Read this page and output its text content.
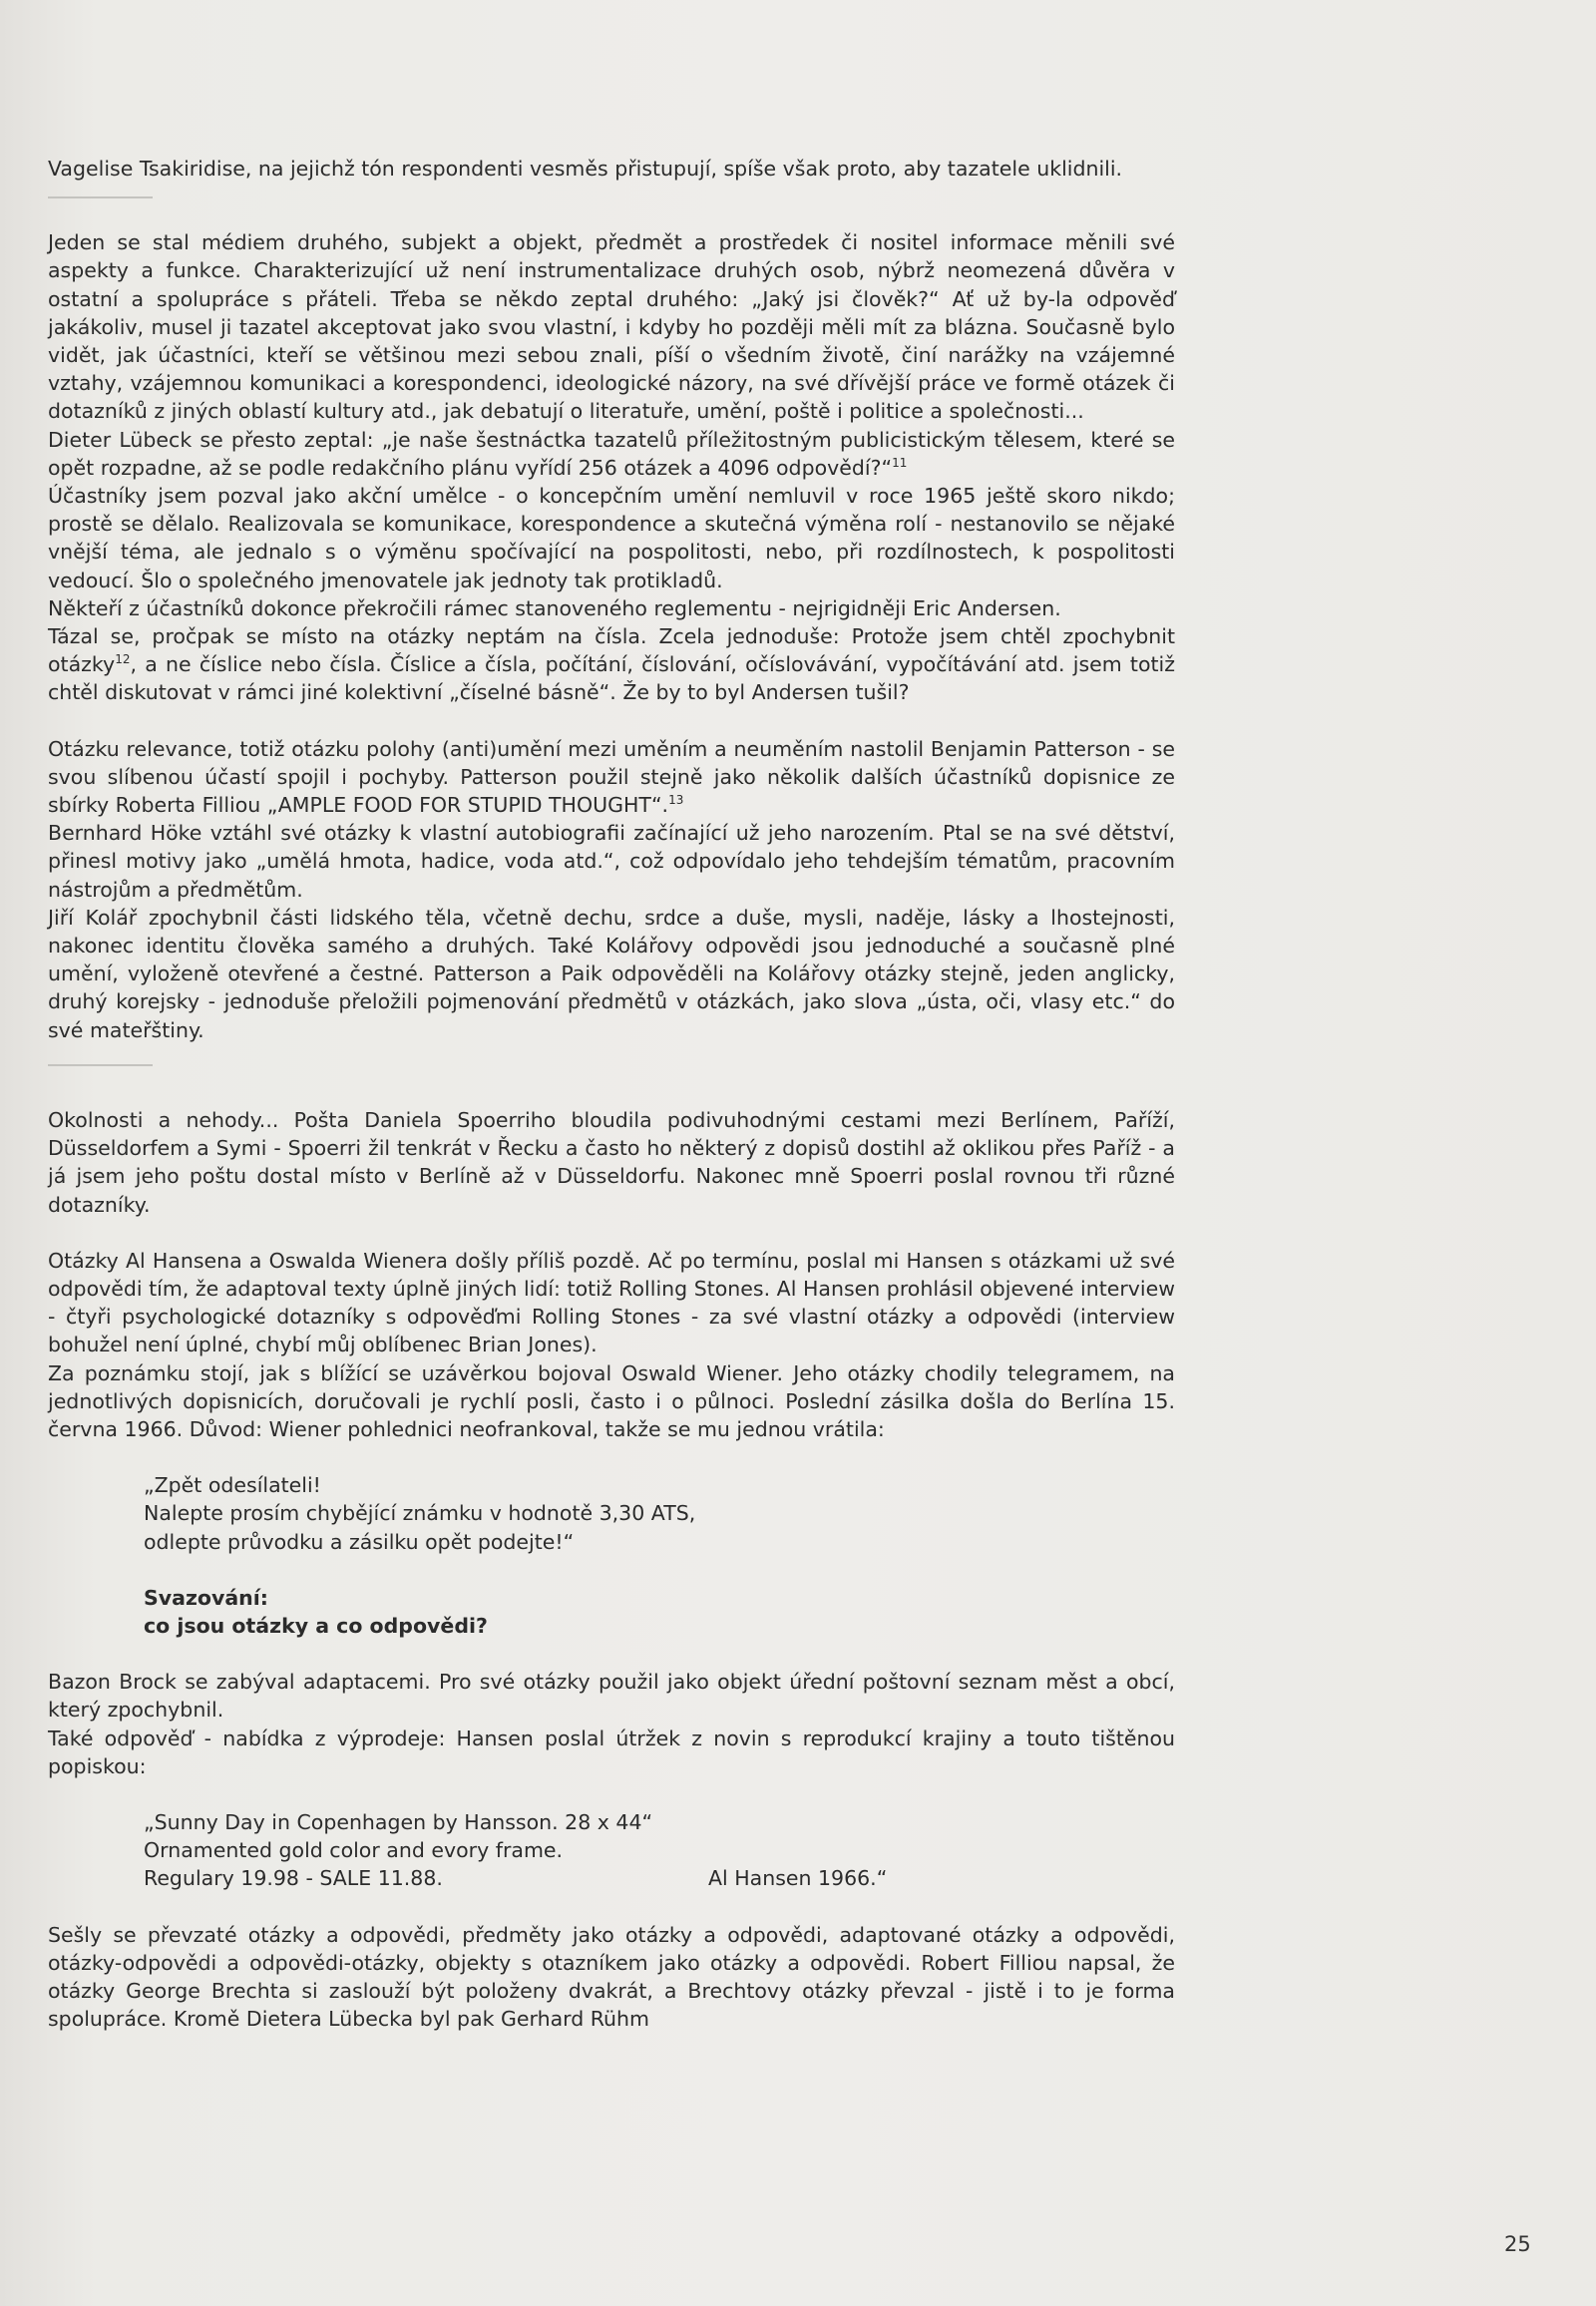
Vagelise Tsakiridise, na jejichž tón respondenti vesměs přistupují, spíše však proto, aby tazatele uklidnili.

Jeden se stal médiem druhého, subjekt a objekt, předmět a prostředek či nositel informace měnili své aspekty a funkce. Charakterizující už není instrumentalizace druhých osob, nýbrž neomezená důvěra v ostatní a spolupráce s přáteli. Třeba se někdo zeptal druhého: „Jaký jsi člověk?“ Ať už by-la odpověď jakákoliv, musel ji tazatel akceptovat jako svou vlastní, i kdyby ho později měli mít za blázna. Současně bylo vidět, jak účastníci, kteří se většinou mezi sebou znali, píší o všedním životě, činí narážky na vzájemné vztahy, vzájemnou komunikaci a korespondenci, ideologické názory, na své dřívější práce ve formě otázek či dotazníků z jiných oblastí kultury atd., jak debatují o literatuře, umění, poště i politice a společnosti...

Dieter Lübeck se přesto zeptal: „je naše šestnáctka tazatelů příležitostným publicistickým tělesem, které se opět rozpadne, až se podle redakčního plánu vyřídí 256 otázek a 4096 odpovědí?“$^{11}$

Účastníky jsem pozval jako akční umělce - o koncepčním umění nemluvil v roce 1965 ještě skoro nikdo; prostě se dělalo. Realizovala se komunikace, korespondence a skutečná výměna rolí - nestanovilo se nějaké vnější téma, ale jednalo s o výměnu spočívající na pospolitosti, nebo, při rozdílnostech, k pospolitosti vedoucí. Šlo o společného jmenovatele jak jednoty tak protikladů.

Někteří z účastníků dokonce překročili rámec stanoveného reglementu - nejrigidněji Eric Andersen.

Tázal se, pročpak se místo na otázky neptám na čísla. Zcela jednoduše: Protože jsem chtěl zpochybnit otázky$^{12}$, a ne číslice nebo čísla. Číslice a čísla, počítání, číslování, očíslovávání, vypočítávání atd. jsem totiž chtěl diskutovat v rámci jiné kolektivní „číselné básně“. Že by to byl Andersen tušil?

Otázku relevance, totiž otázku polohy (anti)umění mezi uměním a neuměním nastolil Benjamin Patterson - se svou slíbenou účastí spojil i pochyby. Patterson použil stejně jako několik dalších účastníků dopisnice ze sbírky Roberta Filliou „AMPLE FOOD FOR STUPID THOUGHT“.$^{13}$

Bernhard Höke vztáhl své otázky k vlastní autobiografii začínající už jeho narozením. Ptal se na své dětství, přinesl motivy jako „umělá hmota, hadice, voda atd.“, což odpovídalo jeho tehdejším tématům, pracovním nástrojům a předmětům.

Jiří Kolář zpochybnil části lidského těla, včetně dechu, srdce a duše, mysli, naděje, lásky a lhostejnosti, nakonec identitu člověka samého a druhých. Také Kolářovy odpovědi jsou jednoduché a současně plné umění, vyloženě otevřené a čestné. Patterson a Paik odpověděli na Kolářovy otázky stejně, jeden anglicky, druhý korejsky - jednoduše přeložili pojmenování předmětů v otázkách, jako slova „ústa, oči, vlasy etc.“ do své mateřštiny.

Okolnosti a nehody... Pošta Daniela Spoerriho bloudila podivuhodnými cestami mezi Berlínem, Paříží, Düsseldorfem a Symi - Spoerri žil tenkrát v Řecku a často ho některý z dopisů dostihl až oklikou přes Paříž - a já jsem jeho poštu dostal místo v Berlíně až v Düsseldorfu. Nakonec mně Spoerri poslal rovnou tři různé dotazníky.

Otázky Al Hansena a Oswalda Wienera došly příliš pozdě. Ač po termínu, poslal mi Hansen s otázkami už své odpovědi tím, že adaptoval texty úplně jiných lidí: totiž Rolling Stones. Al Hansen prohlásil objevené interview - čtyři psychologické dotazníky s odpověďmi Rolling Stones - za své vlastní otázky a odpovědi (interview bohužel není úplné, chybí můj oblíbenec Brian Jones).

Za poznámku stojí, jak s blížící se uzávěrkou bojoval Oswald Wiener. Jeho otázky chodily telegramem, na jednotlivých dopisnicích, doručovali je rychlí posli, často i o půlnoci. Poslední zásilka došla do Berlína 15. června 1966. Důvod: Wiener pohlednici neofrankoval, takže se mu jednou vrátila:

„Zpět odesílateli!
Nalepte prosím chybějící známku v hodnotě 3,30 ATS,
odlepte průvodku a zásilku opět podejte!“
Svazování:
co jsou otázky a co odpovědi?

Bazon Brock se zabýval adaptacemi. Pro své otázky použil jako objekt úřední poštovní seznam měst a obcí, který zpochybnil.

Také odpověď - nabídka z výprodeje: Hansen poslal útržek z novin s reprodukcí krajiny a touto tištěnou popiskou:

„Sunny Day in Copenhagen by Hansson. 28 x 44“
Ornamented gold color and evory frame.
Regulary 19.98 - SALE 11.88.	Al Hansen 1966.“

Sešly se převzaté otázky a odpovědi, předměty jako otázky a odpovědi, adaptované otázky a odpovědi, otázky-odpovědi a odpovědi-otázky, objekty s otazníkem jako otázky a odpovědi. Robert Filliou napsal, že otázky George Brechta si zaslouží být položeny dvakrát, a Brechtovy otázky převzal - jistě i to je forma spolupráce. Kromě Dietera Lübecka byl pak Gerhard Rühm

25
